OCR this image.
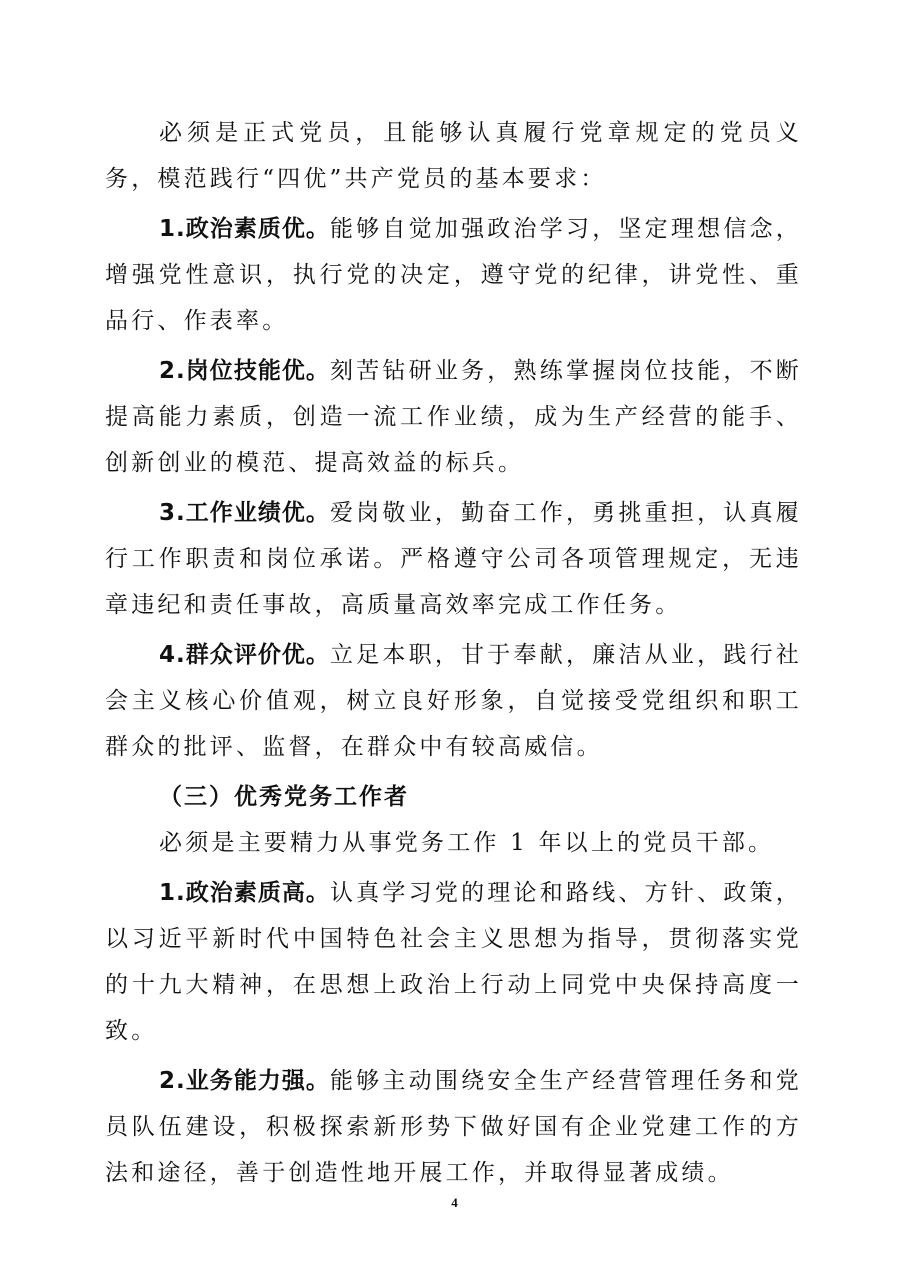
必须是正式党员，且能够认真履行党章规定的党员义务，模范践行“四优”共产党员的基本要求：

1.政治素质优。能够自觉加强政治学习，坚定理想信念，增强党性意识，执行党的决定，遵守党的纪律，讲党性、重品行、作表率。

2.岗位技能优。刻苦钻研业务，熟练掌握岗位技能，不断提高能力素质，创造一流工作业绩，成为生产经营的能手、创新创业的模范、提高效益的标兵。

3.工作业绩优。爱岗敬业，勤奋工作，勇挑重担，认真履行工作职责和岗位承诺。严格遵守公司各项管理规定，无违章违纪和责任事故，高质量高效率完成工作任务。

4.群众评价优。立足本职，甘于奉献，廉洁从业，践行社会主义核心价值观，树立良好形象，自觉接受党组织和职工群众的批评、监督，在群众中有较高威信。

（三）优秀党务工作者

必须是主要精力从事党务工作 1 年以上的党员干部。

1.政治素质高。认真学习党的理论和路线、方针、政策，以习近平新时代中国特色社会主义思想为指导，贯彻落实党的十九大精神，在思想上政治上行动上同党中央保持高度一致。

2.业务能力强。能够主动围绕安全生产经营管理任务和党员队伍建设，积极探索新形势下做好国有企业党建工作的方法和途径，善于创造性地开展工作，并取得显著成绩。

4
